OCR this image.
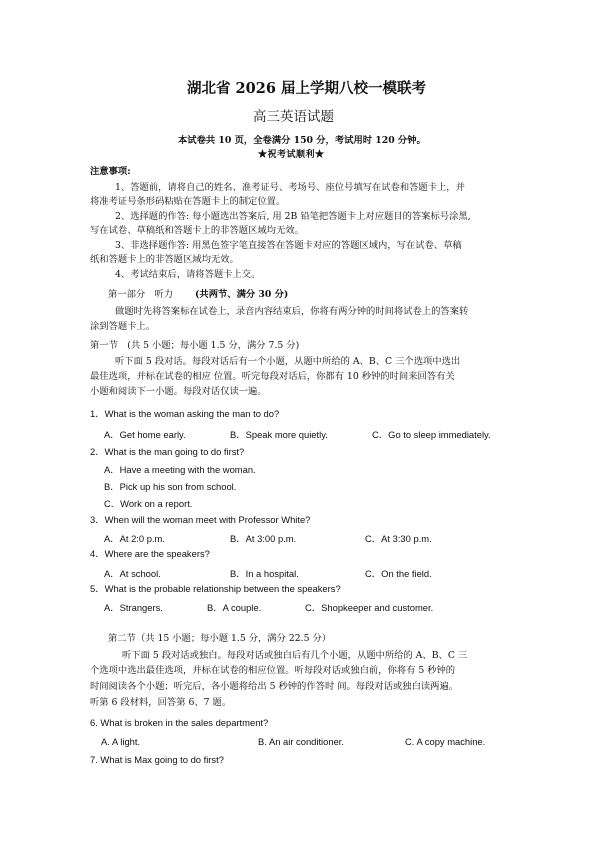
湖北省 2026 届上学期八校一模联考
高三英语试题
本试卷共 10 页，全卷满分 150 分，考试用时 120 分钟。
★祝考试顺利★
注意事项:
1、答题前，请将自己的姓名、准考证号、考场号、座位号填写在试卷和答题卡上，并
将准考证号条形码粘贴在答题卡上的制定位置。
2、选择题的作答: 每小题选出答案后, 用 2B 铅笔把答题卡上对应题目的答案标号涂黑,
写在试卷、草稿纸和答题卡上的非答题区域均无效。
3、非选择题作答: 用黑色签字笔直接答在答题卡对应的答题区域内，写在试卷、草稿
纸和答题卡上的非答题区域均无效。
4、考试结束后，请将答题卡上交。
第一部分　听力 (共两节、满分 30 分)
做题时先将答案标在试卷上，录音内容结束后，你将有两分钟的时间将试卷上的答案转
涂到答题卡上。
第一节　(共 5 小题；每小题 1.5 分，满分 7.5 分)
听下面 5 段对话。每段对话后有一个小题，从题中所给的 A、B、C 三个选项中选出
最佳选项，并标在试卷的相应 位置。听完每段对话后，你都有 10 秒钟的时间来回答有关
小题和阅读下一小题。每段对话仅读一遍。
1．What is the woman asking the man to do?
A．Get home early.	B．Speak more quietly.	C．Go to sleep immediately.
2．What is the man going to do first?
A．Have a meeting with the woman.
B．Pick up his son from school.
C．Work on a report.
3．When will the woman meet with Professor White?
A．At 2:0 p.m.	B．At 3:00 p.m.	C．At 3:30 p.m.
4．Where are the speakers?
A．At school.	B．In a hospital.	C．On the field.
5．What is the probable relationship between the speakers?
A．Strangers.	B．A couple.	C．Shopkeeper and customer.
第二节（共 15 小题；每小题 1.5 分，满分 22.5 分）
听下面 5 段对话或独白。每段对话或独白后有几个小题，从题中所给的 A、B、C 三
个选项中选出最佳选项，并标在试卷的相应位置。听每段对话或独白前，你将有 5 秒钟的
时间阅读各个小题；听完后，各小题将给出 5 秒钟的作答时 间。每段对话或独白读两遍。
听第 6 段材料，回答第 6、7 题。
6. What is broken in the sales department?
A. A light.	B. An air conditioner.	C. A copy machine.
7. What is Max going to do first?
